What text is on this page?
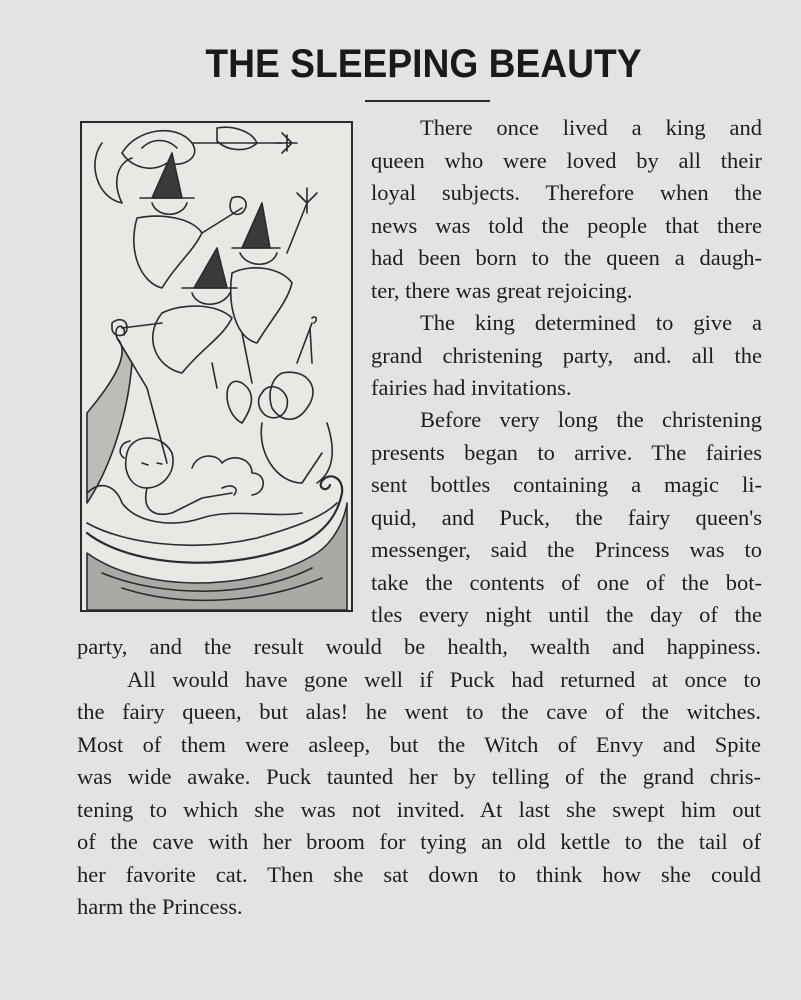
THE SLEEPING BEAUTY
There once lived a king and
queen who were loved by all their
loyal subjects. Therefore when the
news was told the people that there
had been born to the queen a daugh-
ter, there was great rejoicing.
The king determined to give a
grand christening party, and. all the
fairies had invitations.
Before very long the christening
presents began to arrive. The fairies
sent bottles containing a magic li-
quid, and Puck, the fairy queen's
messenger, said the Princess was to
take the contents of one of the bot-
tles every night until the day of the
party, and the result would be health, wealth and happiness.
All would have gone well if Puck had returned at once to
the fairy queen, but alas! he went to the cave of the witches.
Most of them were asleep, but the Witch of Envy and Spite
was wide awake. Puck taunted her by telling of the grand chris-
tening to which she was not invited. At last she swept him out
of the cave with her broom for tying an old kettle to the tail of
her favorite cat. Then she sat down to think how she could
harm the Princess.
